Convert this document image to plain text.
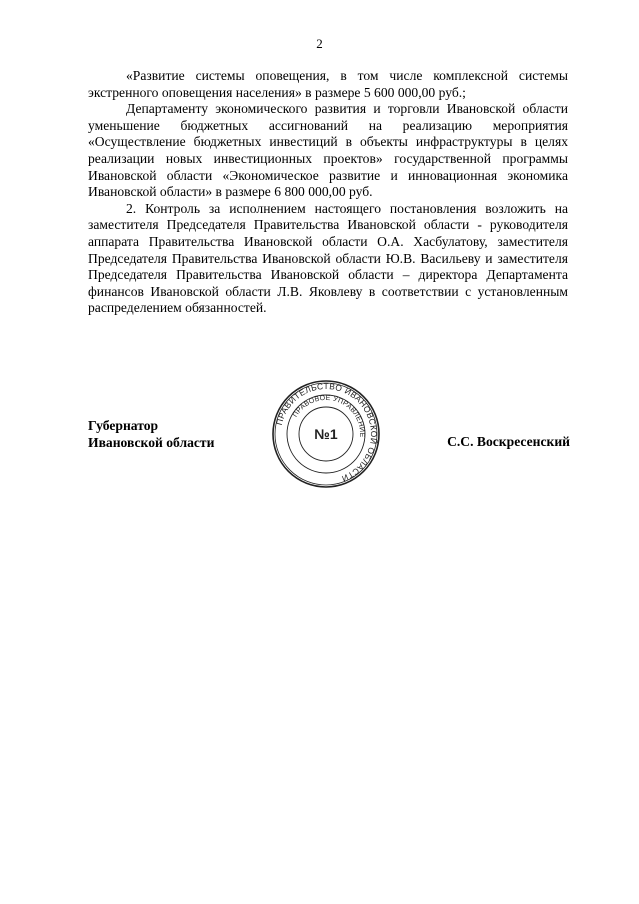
2

«Развитие системы оповещения, в том числе комплексной системы экстренного оповещения населения» в размере 5 600 000,00 руб.;

Департаменту экономического развития и торговли Ивановской области уменьшение бюджетных ассигнований на реализацию мероприятия «Осуществление бюджетных инвестиций в объекты инфраструктуры в целях реализации новых инвестиционных проектов» государственной программы Ивановской области «Экономическое развитие и инновационная экономика Ивановской области» в размере 6 800 000,00 руб.

2. Контроль за исполнением настоящего постановления возложить на заместителя Председателя Правительства Ивановской области - руководителя аппарата Правительства Ивановской области О.А. Хасбулатову, заместителя Председателя Правительства Ивановской области Ю.В. Васильеву и заместителя Председателя Правительства Ивановской области – директора Департамента финансов Ивановской области Л.В. Яковлеву в соответствии с установленным распределением обязанностей.

ПРАВИТЕЛЬСТВО ИВАНОВСКОЙ ОБЛАСТИ
ПРАВОВОЕ УПРАВЛЕНИЕ
№1
Губернатор
Ивановской области	С.С. Воскресенский
